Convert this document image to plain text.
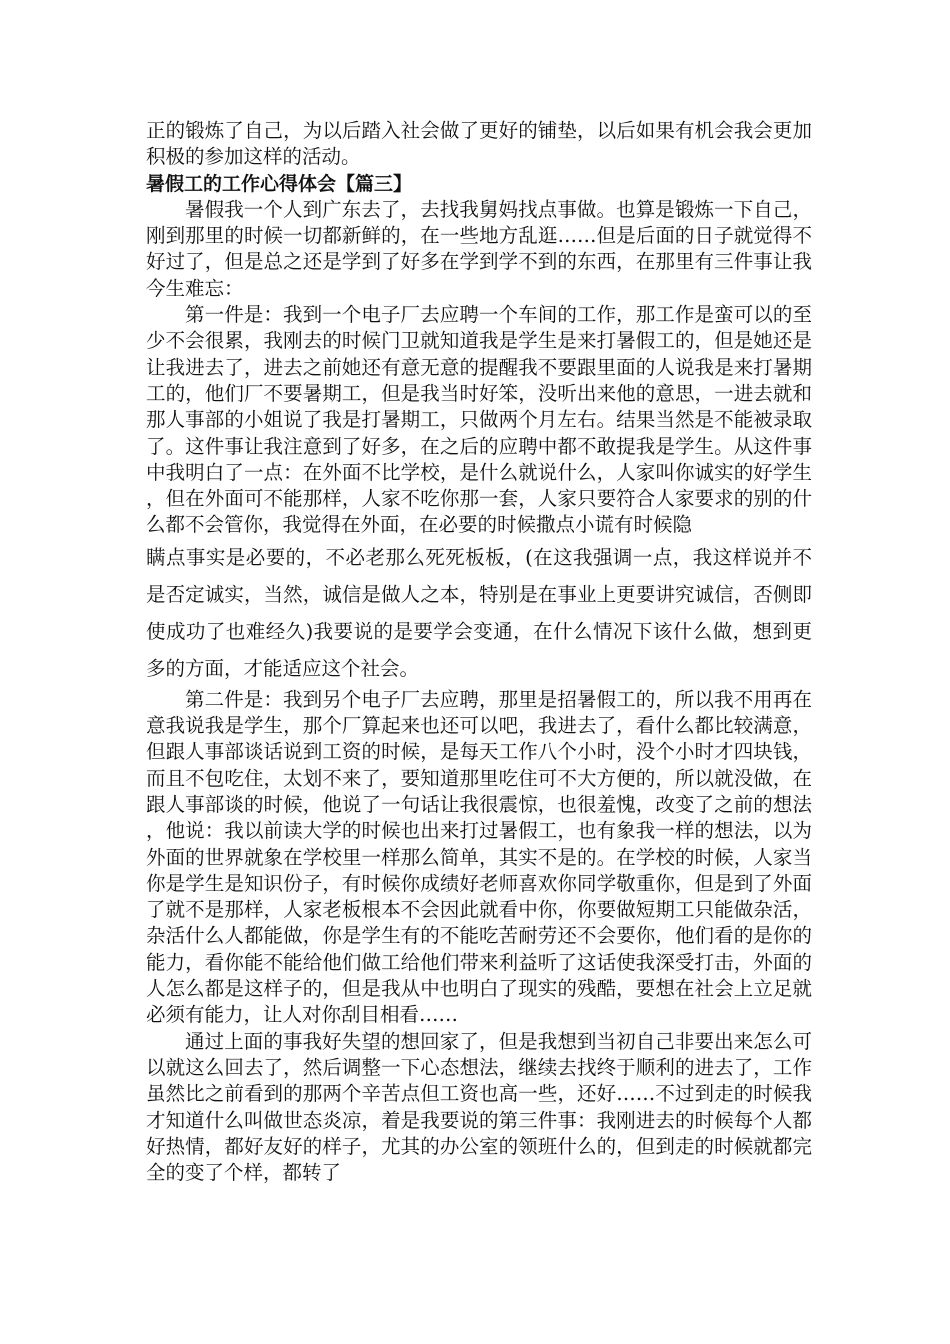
正的锻炼了自己，为以后踏入社会做了更好的铺垫，以后如果有机会我会更加积极的参加这样的活动。

暑假工的工作心得体会【篇三】

暑假我一个人到广东去了，去找我舅妈找点事做。也算是锻炼一下自己，刚到那里的时候一切都新鲜的，在一些地方乱逛……但是后面的日子就觉得不好过了，但是总之还是学到了好多在学到学不到的东西，在那里有三件事让我今生难忘：

第一件是：我到一个电子厂去应聘一个车间的工作，那工作是蛮可以的至少不会很累，我刚去的时候门卫就知道我是学生是来打暑假工的，但是她还是让我进去了，进去之前她还有意无意的提醒我不要跟里面的人说我是来打暑期工的，他们厂不要暑期工，但是我当时好笨，没听出来他的意思，一进去就和那人事部的小姐说了我是打暑期工，只做两个月左右。结果当然是不能被录取了。这件事让我注意到了好多，在之后的应聘中都不敢提我是学生。从这件事中我明白了一点：在外面不比学校，是什么就说什么，人家叫你诚实的好学生，但在外面可不能那样，人家不吃你那一套，人家只要符合人家要求的别的什么都不会管你，我觉得在外面，在必要的时候撒点小谎有时候隐

瞒点事实是必要的，不必老那么死死板板，(在这我强调一点，我这样说并不是否定诚实，当然，诚信是做人之本，特别是在事业上更要讲究诚信，否侧即使成功了也难经久)我要说的是要学会变通，在什么情况下该什么做，想到更多的方面，才能适应这个社会。

第二件是：我到另个电子厂去应聘，那里是招暑假工的，所以我不用再在意我说我是学生，那个厂算起来也还可以吧，我进去了，看什么都比较满意，但跟人事部谈话说到工资的时候，是每天工作八个小时，没个小时才四块钱，而且不包吃住，太划不来了，要知道那里吃住可不大方便的，所以就没做，在跟人事部谈的时候，他说了一句话让我很震惊，也很羞愧，改变了之前的想法，他说：我以前读大学的时候也出来打过暑假工，也有象我一样的想法，以为外面的世界就象在学校里一样那么简单，其实不是的。在学校的时候，人家当你是学生是知识份子，有时候你成绩好老师喜欢你同学敬重你，但是到了外面了就不是那样，人家老板根本不会因此就看中你，你要做短期工只能做杂活，杂活什么人都能做，你是学生有的不能吃苦耐劳还不会要你，他们看的是你的能力，看你能不能给他们做工给他们带来利益听了这话使我深受打击，外面的人怎么都是这样子的，但是我从中也明白了现实的残酷，要想在社会上立足就必须有能力，让人对你刮目相看……

通过上面的事我好失望的想回家了，但是我想到当初自己非要出来怎么可以就这么回去了，然后调整一下心态想法，继续去找终于顺利的进去了，工作虽然比之前看到的那两个辛苦点但工资也高一些，还好……不过到走的时候我才知道什么叫做世态炎凉，着是我要说的第三件事：我刚进去的时候每个人都好热情，都好友好的样子，尤其的办公室的领班什么的，但到走的时候就都完全的变了个样，都转了
